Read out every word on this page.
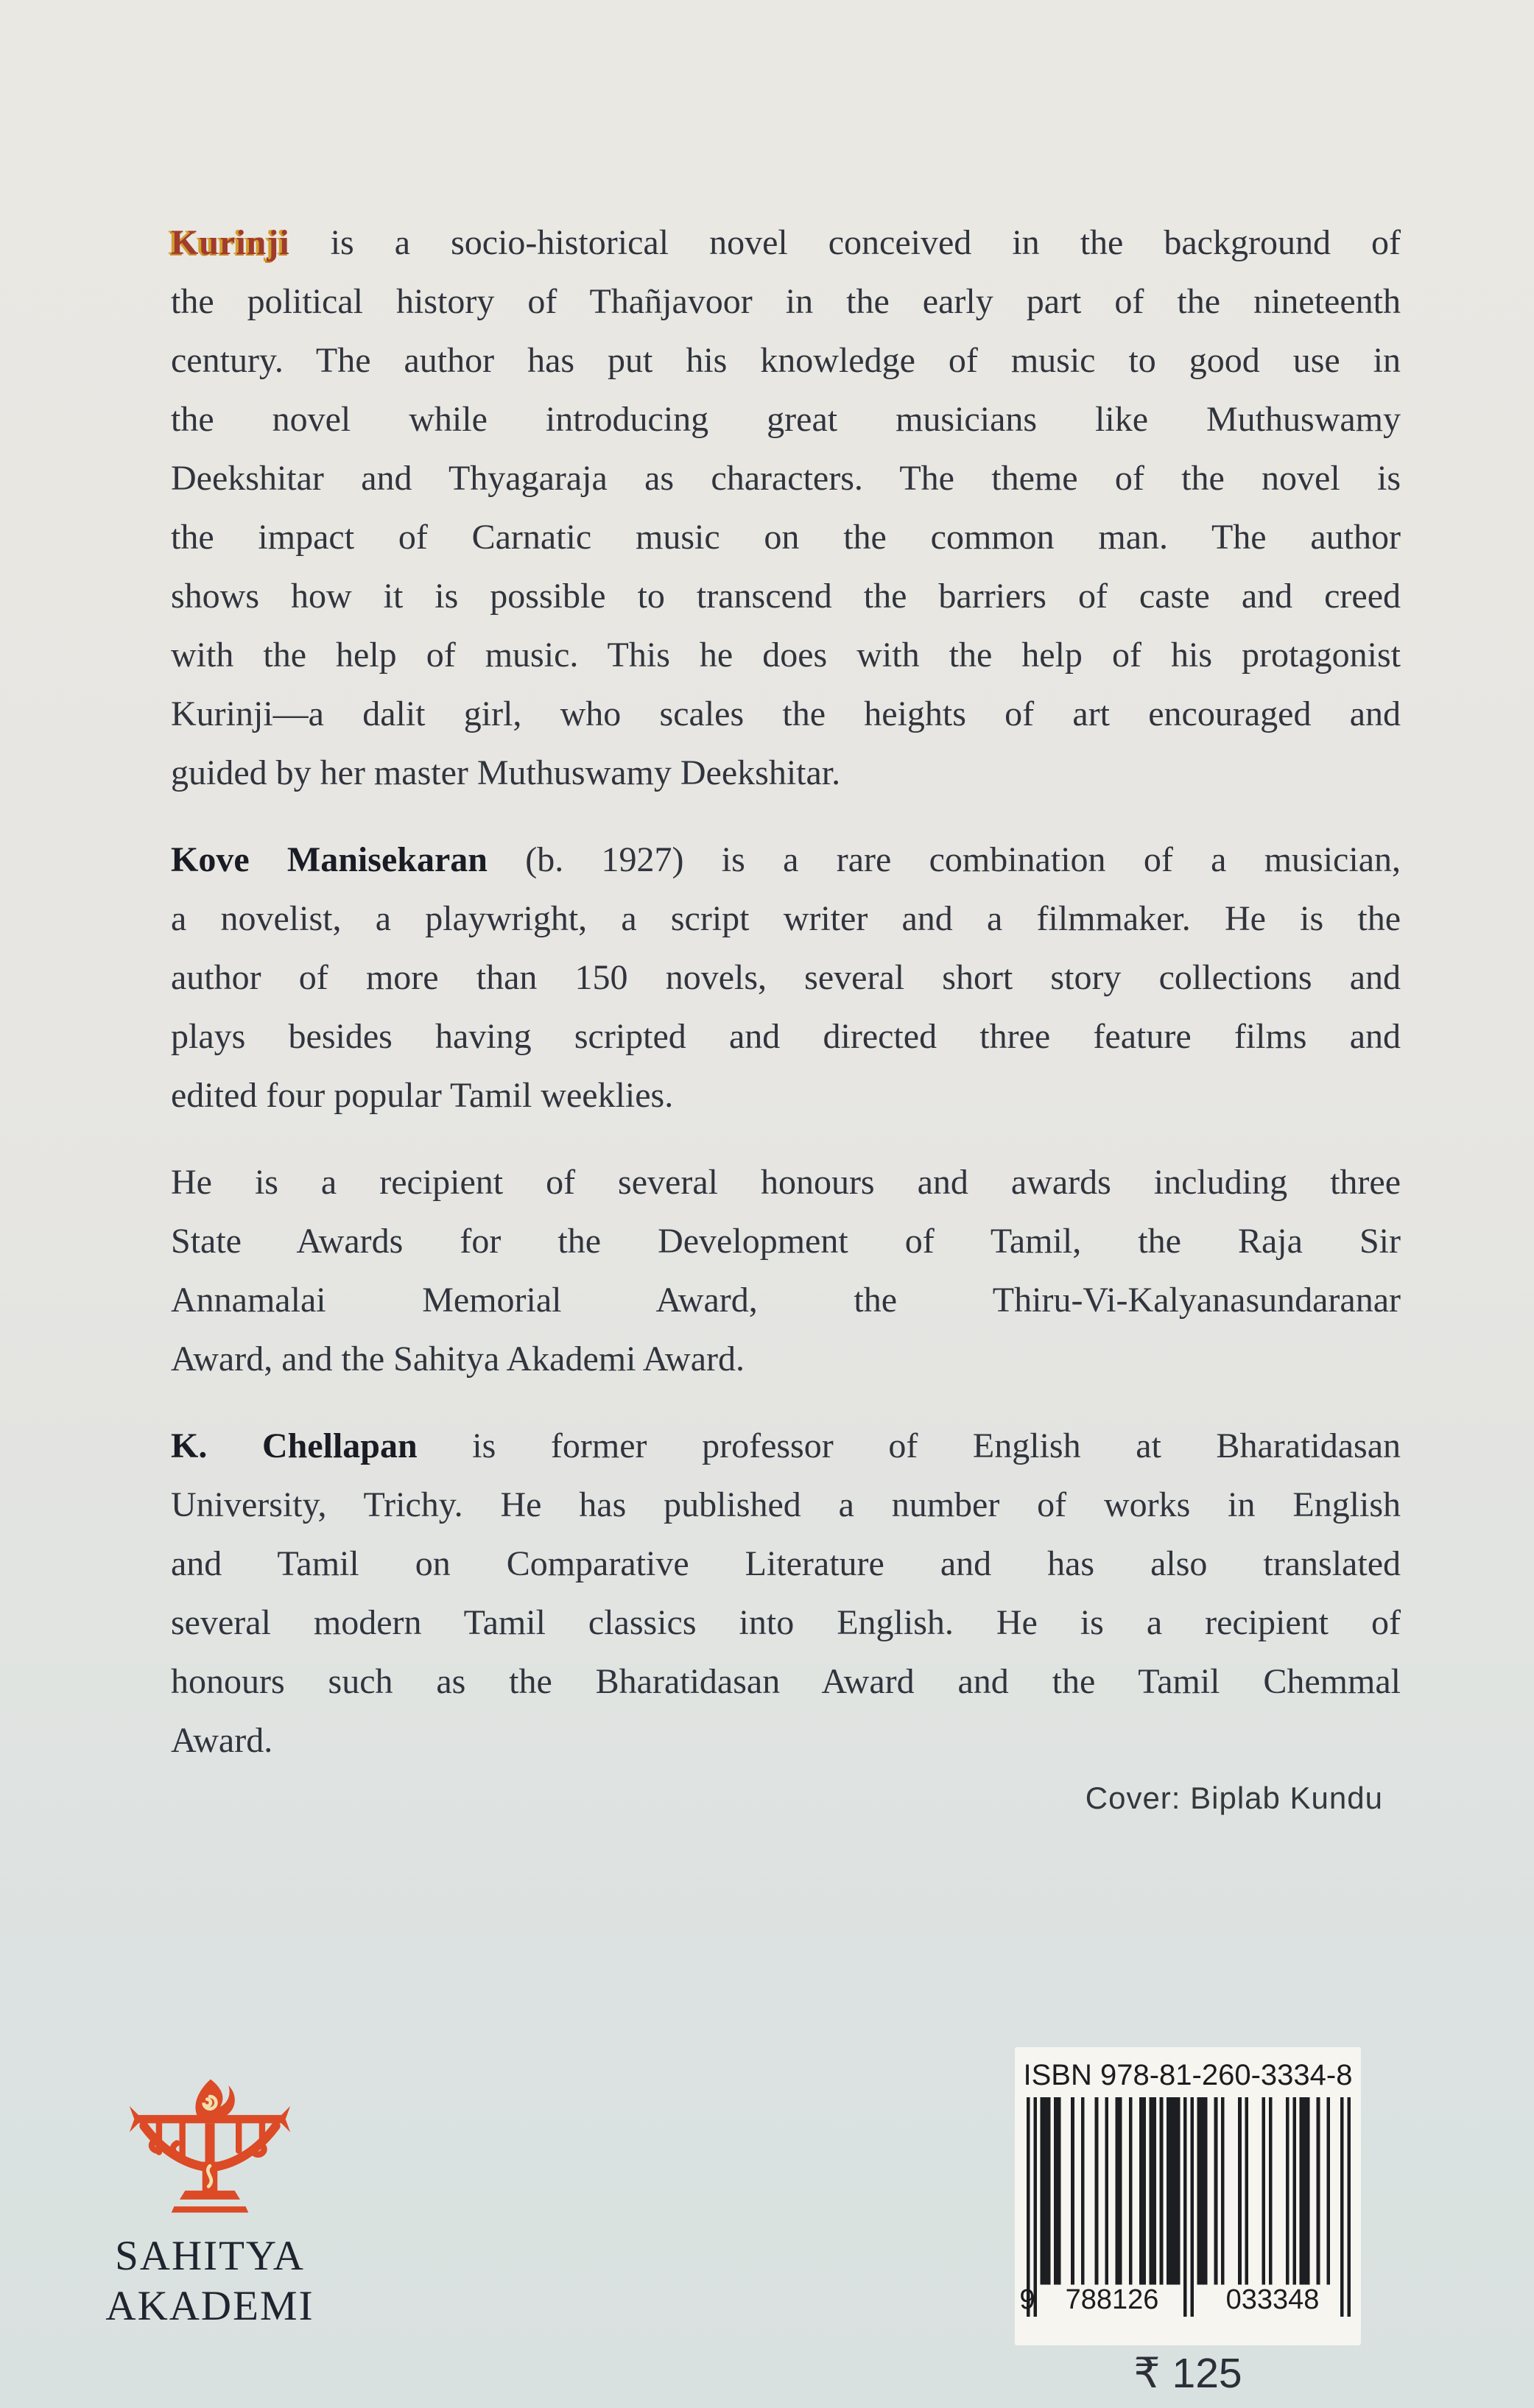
Kurinji is a socio-historical novel conceived in the background of
the political history of Thañjavoor in the early part of the nineteenth
century. The author has put his knowledge of music to good use in
the novel while introducing great musicians like Muthuswamy
Deekshitar and Thyagaraja as characters. The theme of the novel is
the impact of Carnatic music on the common man. The author
shows how it is possible to transcend the barriers of caste and creed
with the help of music. This he does with the help of his protagonist
Kurinji—a dalit girl, who scales the heights of art encouraged and
guided by her master Muthuswamy Deekshitar.
Kove Manisekaran (b. 1927) is a rare combination of a musician,
a novelist, a playwright, a script writer and a filmmaker. He is the
author of more than 150 novels, several short story collections and
plays besides having scripted and directed three feature films and
edited four popular Tamil weeklies.
He is a recipient of several honours and awards including three
State Awards for the Development of Tamil, the Raja Sir
Annamalai Memorial Award, the Thiru-Vi-Kalyanasundaranar
Award, and the Sahitya Akademi Award.
K. Chellapan is former professor of English at Bharatidasan
University, Trichy. He has published a number of works in English
and Tamil on Comparative Literature and has also translated
several modern Tamil classics into English. He is a recipient of
honours such as the Bharatidasan Award and the Tamil Chemmal
Award.
Cover: Biplab Kundu
SAHITYA
AKADEMI
ISBN 978-81-260-3334-8
9	788126	033348
₹ 125
